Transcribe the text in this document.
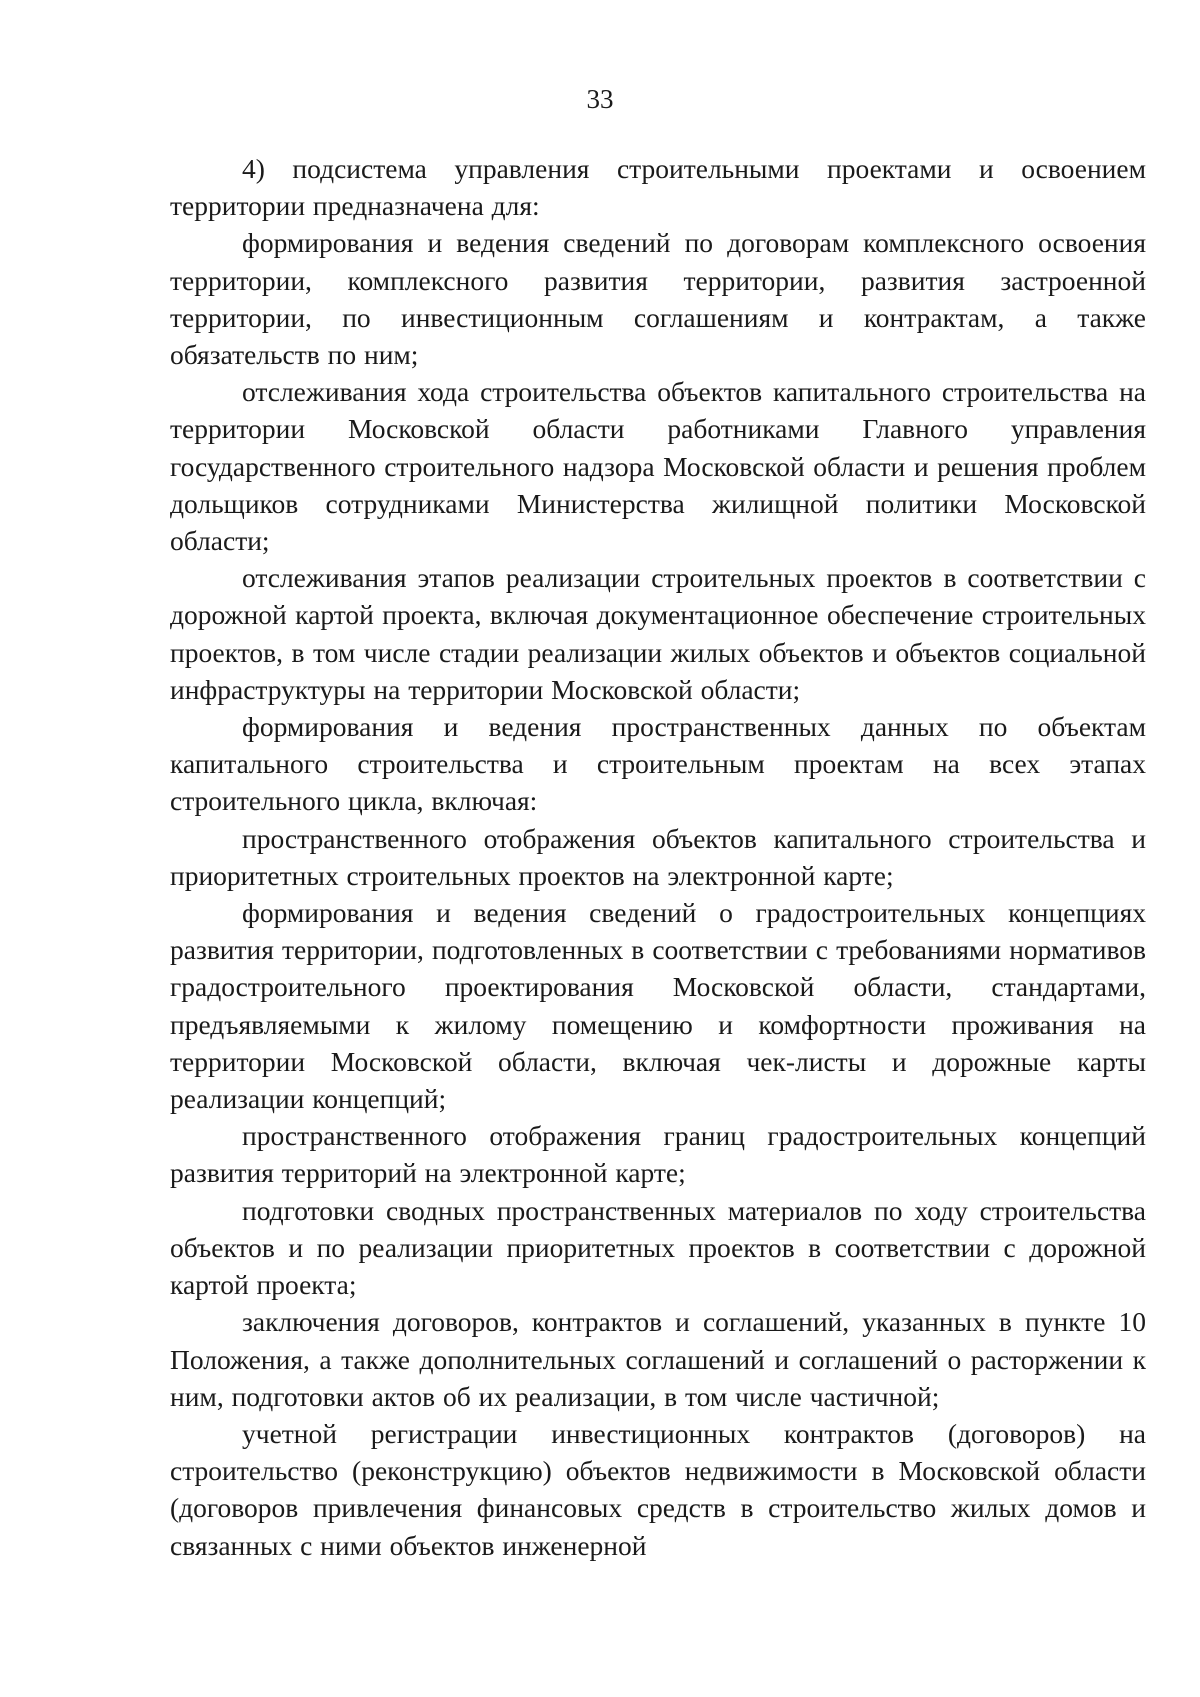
33

4) подсистема управления строительными проектами и освоением территории предназначена для:

формирования и ведения сведений по договорам комплексного освоения территории, комплексного развития территории, развития застроенной территории, по инвестиционным соглашениям и контрактам, а также обязательств по ним;

отслеживания хода строительства объектов капитального строительства на территории Московской области работниками Главного управления государственного строительного надзора Московской области и решения проблем дольщиков сотрудниками Министерства жилищной политики Московской области;

отслеживания этапов реализации строительных проектов в соответствии с дорожной картой проекта, включая документационное обеспечение строительных проектов, в том числе стадии реализации жилых объектов и объектов социальной инфраструктуры на территории Московской области;

формирования и ведения пространственных данных по объектам капитального строительства и строительным проектам на всех этапах строительного цикла, включая:

пространственного отображения объектов капитального строительства и приоритетных строительных проектов на электронной карте;

формирования и ведения сведений о градостроительных концепциях развития территории, подготовленных в соответствии с требованиями нормативов градостроительного проектирования Московской области, стандартами, предъявляемыми к жилому помещению и комфортности проживания на территории Московской области, включая чек-листы и дорожные карты реализации концепций;

пространственного отображения границ градостроительных концепций развития территорий на электронной карте;

подготовки сводных пространственных материалов по ходу строительства объектов и по реализации приоритетных проектов в соответствии с дорожной картой проекта;

заключения договоров, контрактов и соглашений, указанных в пункте 10 Положения, а также дополнительных соглашений и соглашений о расторжении к ним, подготовки актов об их реализации, в том числе частичной;

учетной регистрации инвестиционных контрактов (договоров) на строительство (реконструкцию) объектов недвижимости в Московской области (договоров привлечения финансовых средств в строительство жилых домов и связанных с ними объектов инженерной
